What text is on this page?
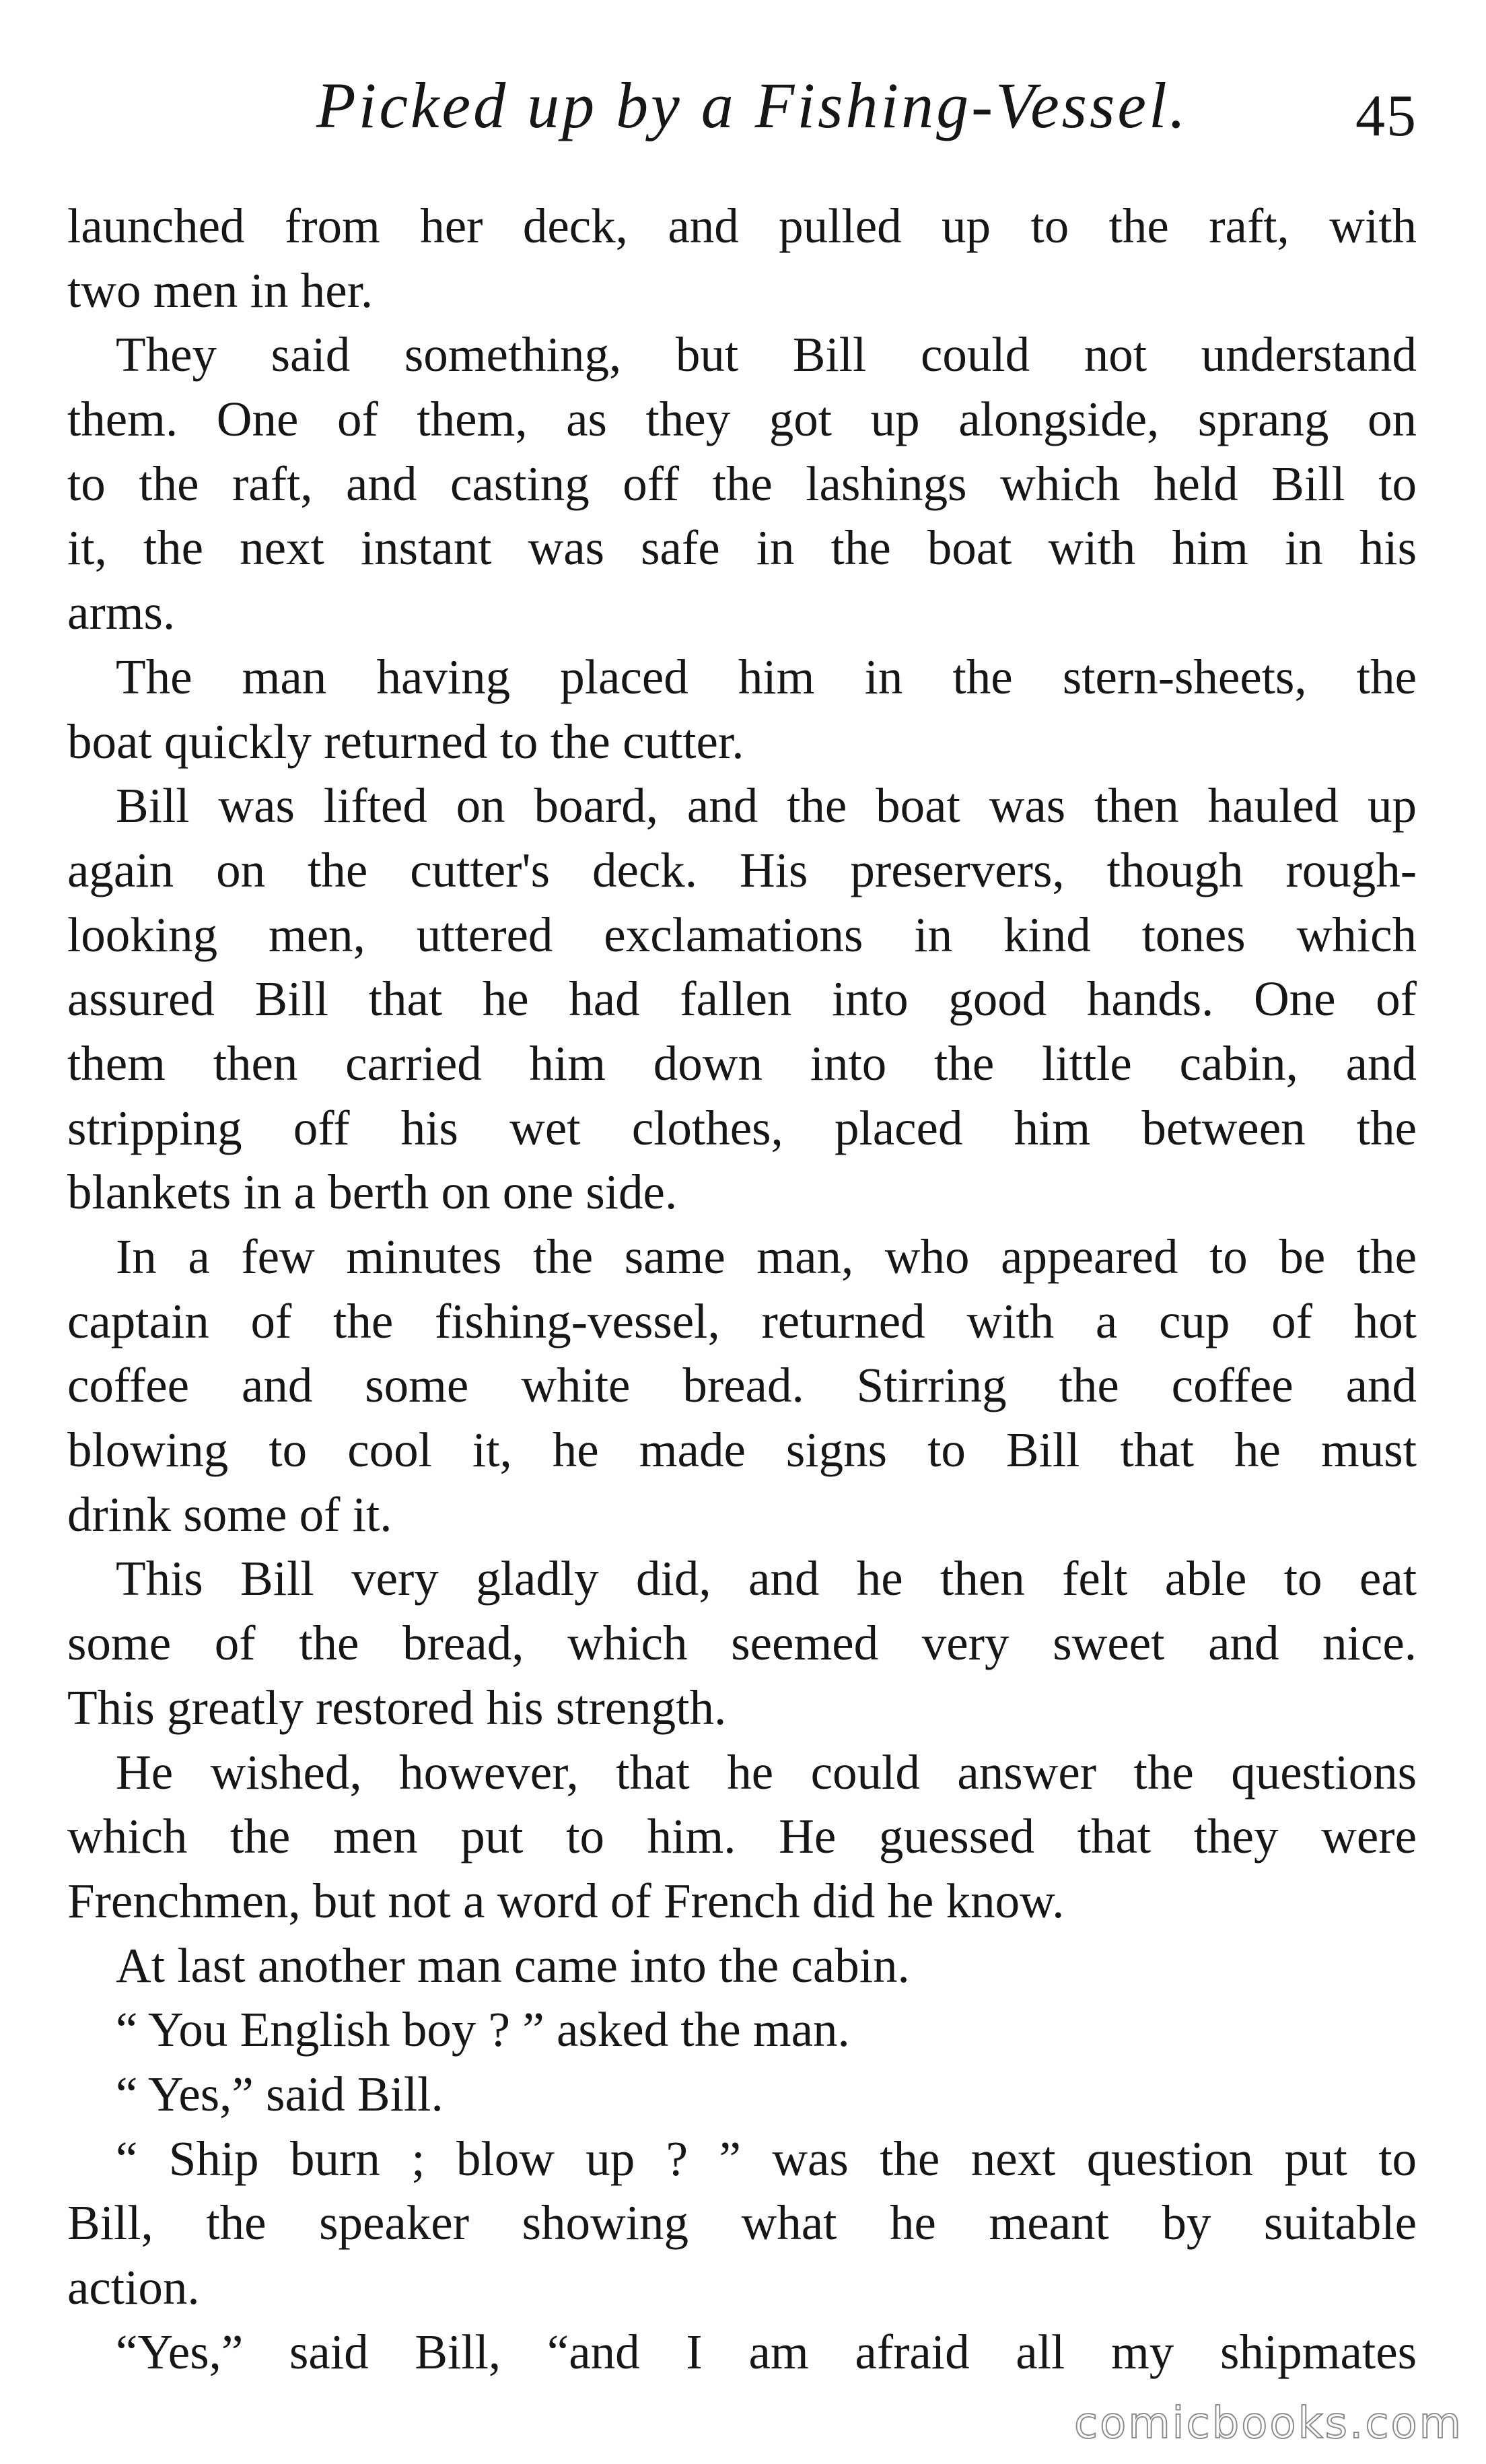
Picked up by a Fishing-Vessel.	45
launched from her deck, and pulled up to the raft, with
two men in her.
They said something, but Bill could not understand
them. One of them, as they got up alongside, sprang on
to the raft, and casting off the lashings which held Bill to
it, the next instant was safe in the boat with him in his
arms.
The man having placed him in the stern-sheets, the
boat quickly returned to the cutter.
Bill was lifted on board, and the boat was then hauled up
again on the cutter's deck. His preservers, though rough-
looking men, uttered exclamations in kind tones which
assured Bill that he had fallen into good hands. One of
them then carried him down into the little cabin, and
stripping off his wet clothes, placed him between the
blankets in a berth on one side.
In a few minutes the same man, who appeared to be the
captain of the fishing-vessel, returned with a cup of hot
coffee and some white bread. Stirring the coffee and
blowing to cool it, he made signs to Bill that he must
drink some of it.
This Bill very gladly did, and he then felt able to eat
some of the bread, which seemed very sweet and nice.
This greatly restored his strength.
He wished, however, that he could answer the questions
which the men put to him. He guessed that they were
Frenchmen, but not a word of French did he know.
At last another man came into the cabin.
“ You English boy ? ” asked the man.
“ Yes,” said Bill.
“ Ship burn ; blow up ? ” was the next question put to
Bill, the speaker showing what he meant by suitable
action.
“Yes,” said Bill, “and I am afraid all my shipmates
comicbooks.com
